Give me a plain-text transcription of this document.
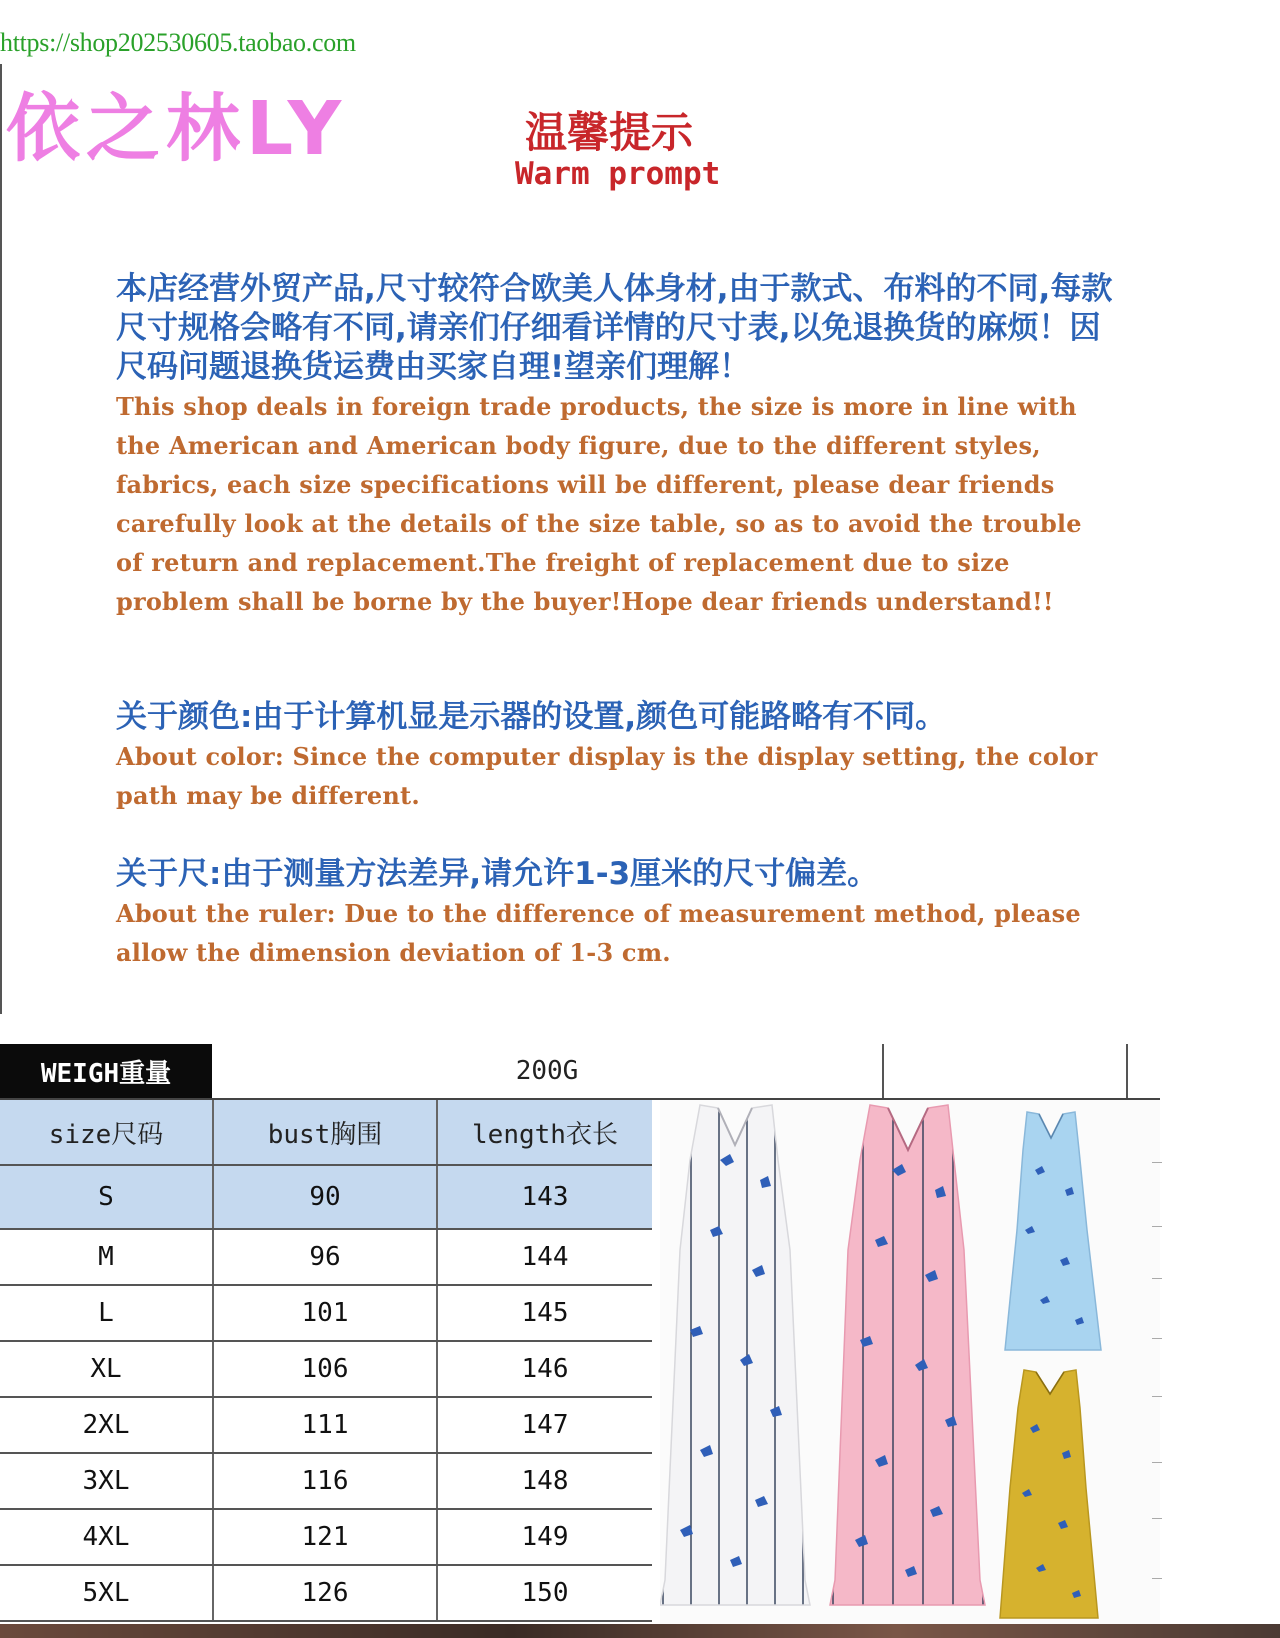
https://shop202530605.taobao.com
依之林LY	温馨提示
Warm prompt

本店经营外贸产品,尺寸较符合欧美人体身材,由于款式、布料的不同,每款尺寸规格会略有不同,请亲们仔细看详情的尺寸表,以免退换货的麻烦！因尺码问题退换货运费由买家自理!望亲们理解！

This shop deals in foreign trade products, the size is more in line with the American and American body figure, due to the different styles, fabrics, each size specifications will be different, please dear friends carefully look at the details of the size table, so as to avoid the trouble of return and replacement.The freight of replacement due to size problem shall be borne by the buyer!Hope dear friends understand!!

关于颜色:由于计算机显是示器的设置,颜色可能路略有不同。

About color: Since the computer display is the display setting, the color path may be different.

关于尺:由于测量方法差异,请允许1-3厘米的尺寸偏差。

About the ruler: Due to the difference of measurement method, please allow the dimension deviation of 1-3 cm.

WEIGH重量	200G
size尺码	bust胸围	length衣长
S	90	143
M	96	144
L	101	145
XL	106	146
2XL	111	147
3XL	116	148
4XL	121	149
5XL	126	150
